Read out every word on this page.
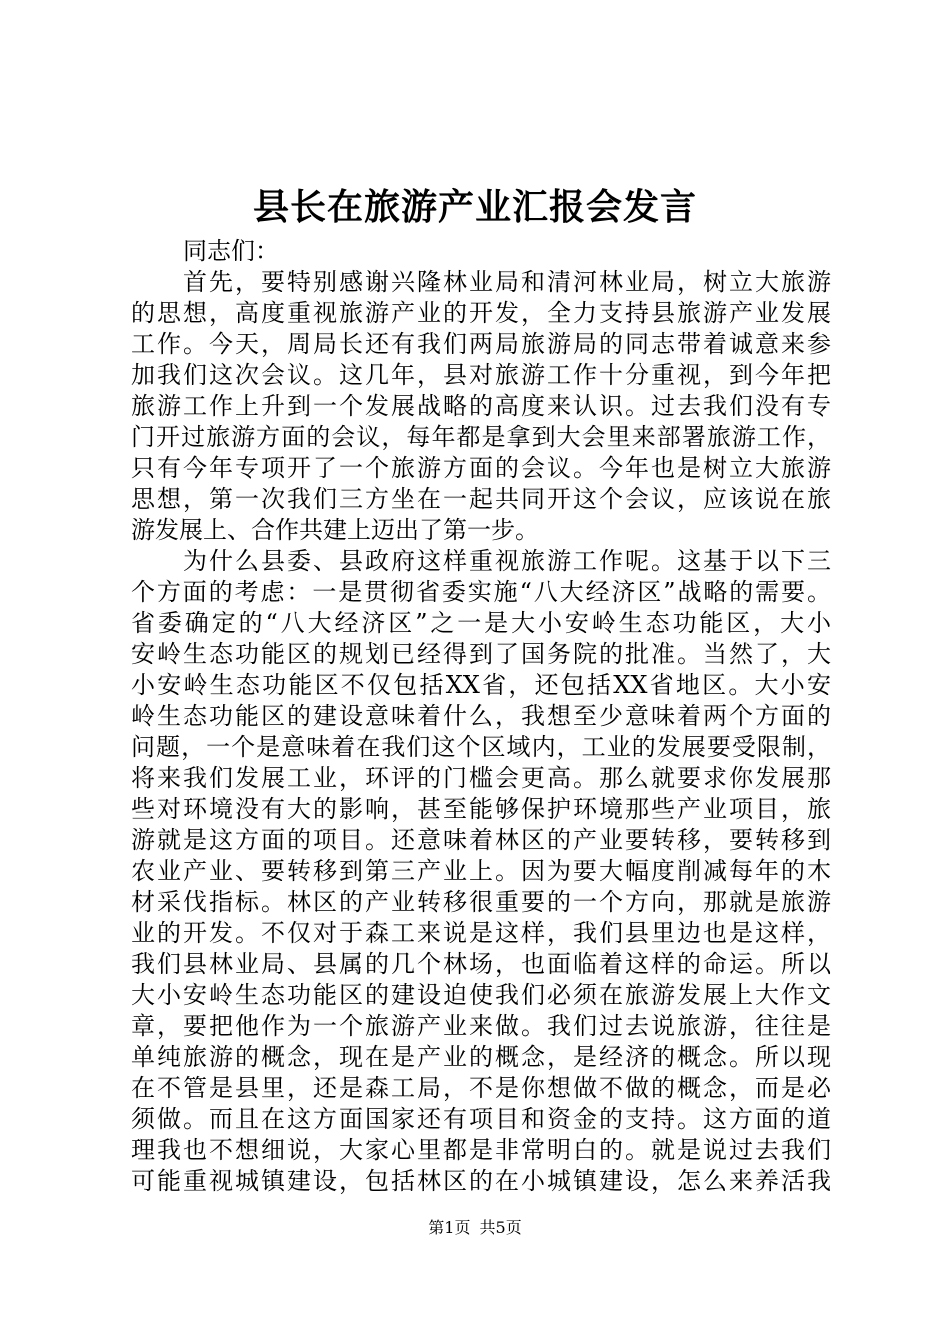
县长在旅游产业汇报会发言
同志们：
首先，要特别感谢兴隆林业局和清河林业局，树立大旅游
的思想，高度重视旅游产业的开发，全力支持县旅游产业发展
工作。今天，周局长还有我们两局旅游局的同志带着诚意来参
加我们这次会议。这几年，县对旅游工作十分重视，到今年把
旅游工作上升到一个发展战略的高度来认识。过去我们没有专
门开过旅游方面的会议，每年都是拿到大会里来部署旅游工作，
只有今年专项开了一个旅游方面的会议。今年也是树立大旅游
思想，第一次我们三方坐在一起共同开这个会议，应该说在旅
游发展上、合作共建上迈出了第一步。
为什么县委、县政府这样重视旅游工作呢。这基于以下三
个方面的考虑：一是贯彻省委实施“八大经济区”战略的需要。
省委确定的“八大经济区”之一是大小安岭生态功能区，大小
安岭生态功能区的规划已经得到了国务院的批准。当然了，大
小安岭生态功能区不仅包括XX省，还包括XX省地区。大小安
岭生态功能区的建设意味着什么，我想至少意味着两个方面的
问题，一个是意味着在我们这个区域内，工业的发展要受限制，
将来我们发展工业，环评的门槛会更高。那么就要求你发展那
些对环境没有大的影响，甚至能够保护环境那些产业项目，旅
游就是这方面的项目。还意味着林区的产业要转移，要转移到
农业产业、要转移到第三产业上。因为要大幅度削减每年的木
材采伐指标。林区的产业转移很重要的一个方向，那就是旅游
业的开发。不仅对于森工来说是这样，我们县里边也是这样，
我们县林业局、县属的几个林场，也面临着这样的命运。所以
大小安岭生态功能区的建设迫使我们必须在旅游发展上大作文
章，要把他作为一个旅游产业来做。我们过去说旅游，往往是
单纯旅游的概念，现在是产业的概念，是经济的概念。所以现
在不管是县里，还是森工局，不是你想做不做的概念，而是必
须做。而且在这方面国家还有项目和资金的支持。这方面的道
理我也不想细说，大家心里都是非常明白的。就是说过去我们
可能重视城镇建设，包括林区的在小城镇建设，怎么来养活我
第1页 共5页
